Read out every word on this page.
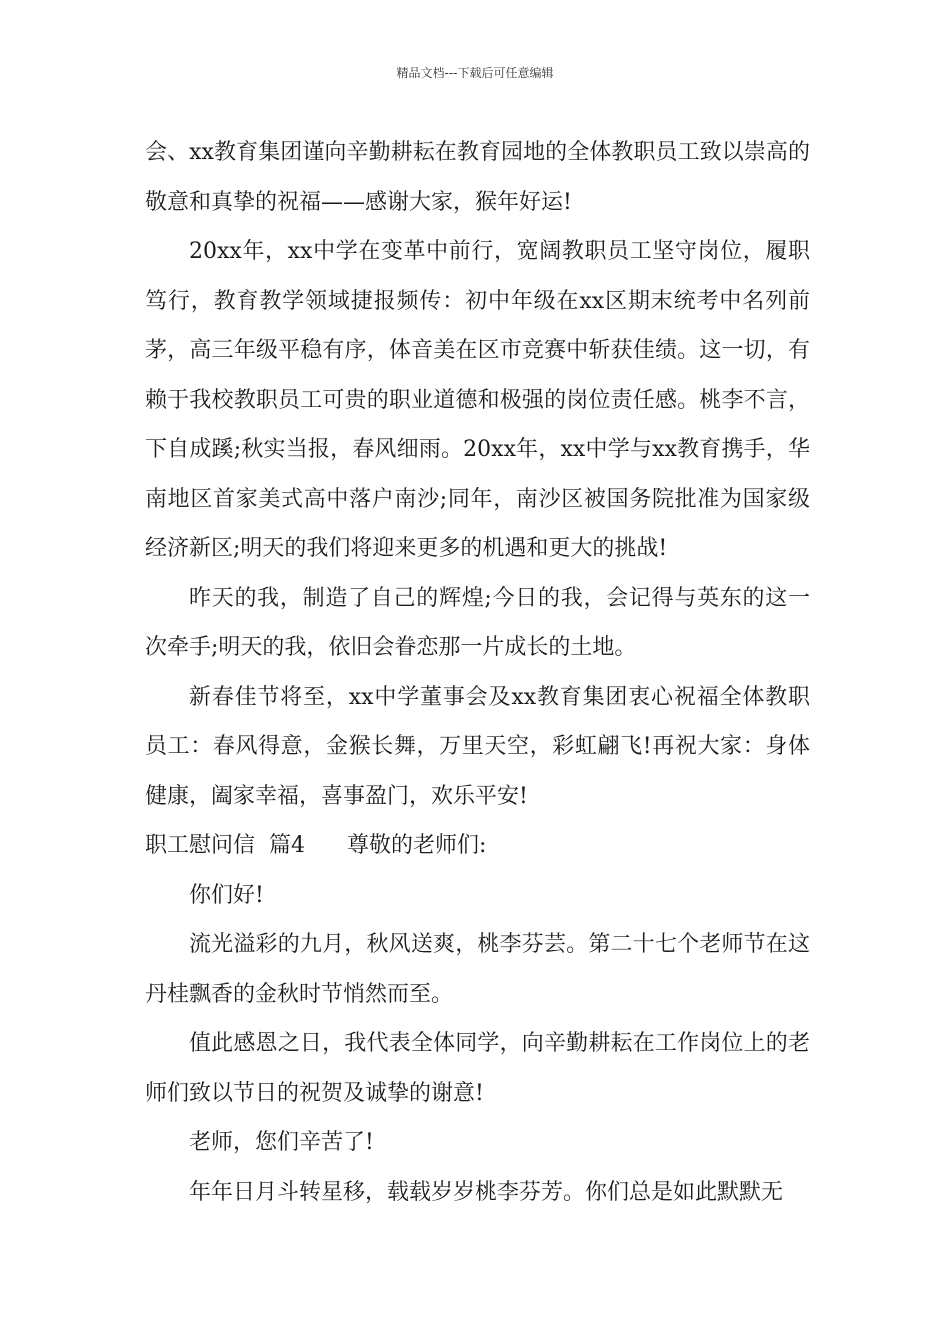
精品文档---下载后可任意编辑

会、xx教育集团谨向辛勤耕耘在教育园地的全体教职员工致以崇高的敬意和真挚的祝福——感谢大家，猴年好运!

20xx年，xx中学在变革中前行，宽阔教职员工坚守岗位，履职笃行，教育教学领域捷报频传：初中年级在xx区期末统考中名列前茅，高三年级平稳有序，体音美在区市竞赛中斩获佳绩。这一切，有赖于我校教职员工可贵的职业道德和极强的岗位责任感。桃李不言，下自成蹊;秋实当报，春风细雨。20xx年，xx中学与xx教育携手，华南地区首家美式高中落户南沙;同年，南沙区被国务院批准为国家级经济新区;明天的我们将迎来更多的机遇和更大的挑战!

昨天的我，制造了自己的辉煌;今日的我，会记得与英东的这一次牵手;明天的我，依旧会眷恋那一片成长的土地。

新春佳节将至，xx中学董事会及xx教育集团衷心祝福全体教职员工：春风得意，金猴长舞，万里天空，彩虹翩飞!再祝大家：身体健康，阖家幸福，喜事盈门，欢乐平安!

职工慰问信  篇4      尊敬的老师们:

你们好!

流光溢彩的九月，秋风送爽，桃李芬芸。第二十七个老师节在这丹桂飘香的金秋时节悄然而至。

值此感恩之日，我代表全体同学，向辛勤耕耘在工作岗位上的老师们致以节日的祝贺及诚挚的谢意!

老师，您们辛苦了!

年年日月斗转星移，载载岁岁桃李芬芳。你们总是如此默默无
